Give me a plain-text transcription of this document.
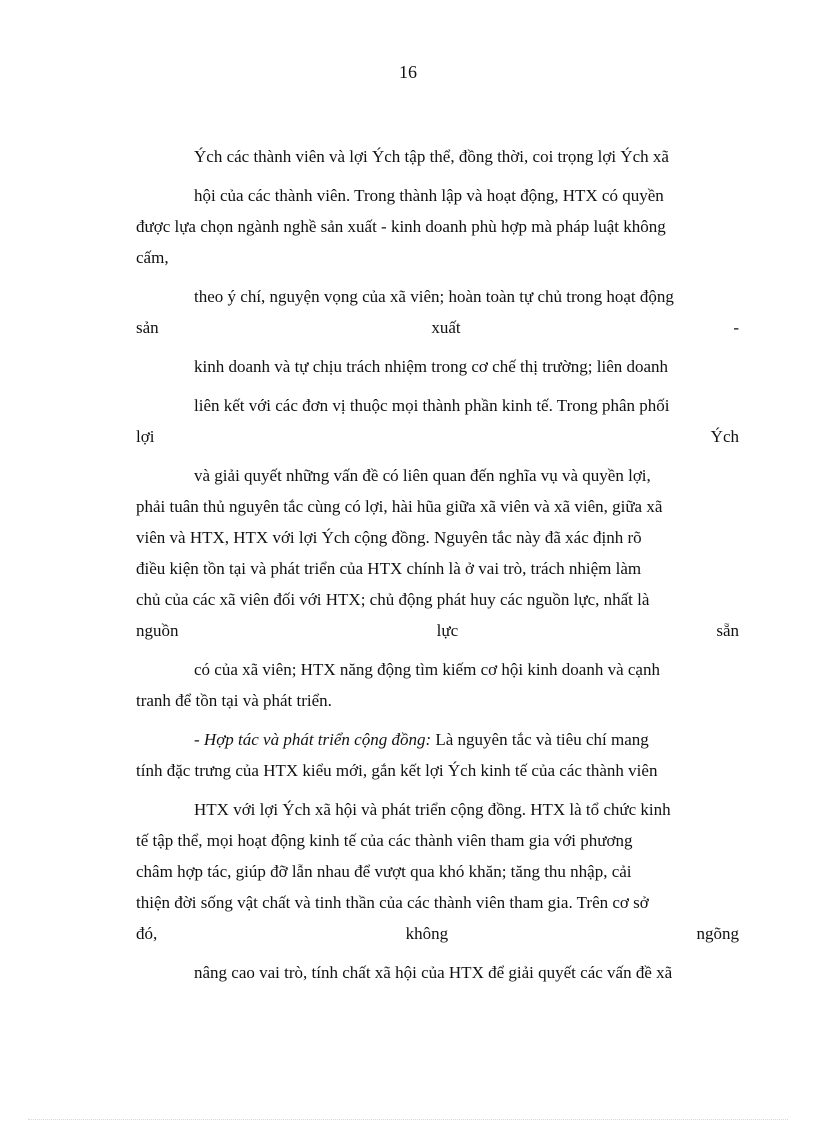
16
Ých các thành viên và lợi Ých tập thể, đồng thời, coi trọng lợi Ých xã
hội của các thành viên. Trong thành lập và hoạt động, HTX có quyền
được lựa chọn ngành nghề sản xuất - kinh doanh phù hợp mà pháp luật không
cấm,
theo ý chí, nguyện vọng của xã viên; hoàn toàn tự chủ trong hoạt động
sản	xuất	-
kinh doanh và tự chịu trách nhiệm trong cơ chế thị trường; liên doanh
liên kết với các đơn vị thuộc mọi thành phần kinh tế. Trong phân phối
lợi	Ých
và giải quyết những vấn đề có liên quan đến nghĩa vụ và quyền lợi,
phải tuân thủ nguyên tắc cùng có lợi, hài hũa giữa xã viên và xã viên, giữa xã
viên và HTX, HTX với lợi Ých cộng đồng. Nguyên tắc này đã xác định rõ
điều kiện tồn tại và phát triển của HTX chính là ở vai trò, trách nhiệm làm
chủ của các xã viên đối với HTX; chủ động phát huy các nguồn lực, nhất là
nguồn	lực	sẵn
có của xã viên; HTX năng động tìm kiếm cơ hội kinh doanh và cạnh
tranh để tồn tại và phát triển.
- Hợp tác và phát triển cộng đồng: Là nguyên tắc và tiêu chí mang
tính đặc trưng của HTX kiểu mới, gắn kết lợi Ých kinh tế của các thành viên
HTX với lợi Ých xã hội và phát triển cộng đồng. HTX là tổ chức kinh
tế tập thể, mọi hoạt động kinh tế của các thành viên tham gia với phương
châm hợp tác, giúp đỡ lẫn nhau để vượt qua khó khăn; tăng thu nhập, cải
thiện đời sống vật chất và tinh thần của các thành viên tham gia. Trên cơ sở
đó,	không	ngõng
nâng cao vai trò, tính chất xã hội của HTX để giải quyết các vấn đề xã
